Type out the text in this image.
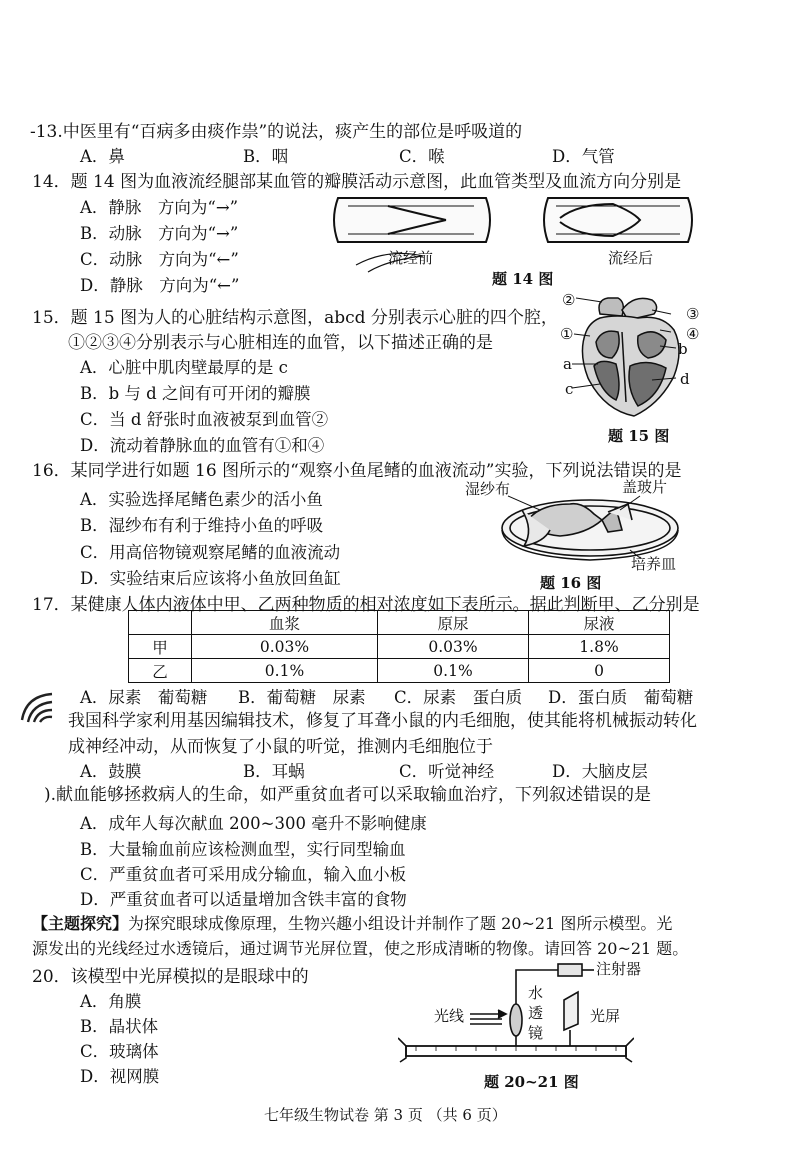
-13.中医里有“百病多由痰作祟”的说法，痰产生的部位是呼吸道的
A．鼻	B．咽	C．喉	D．气管
14．题 14 图为血液流经腿部某血管的瓣膜活动示意图，此血管类型及血流方向分别是
A．静脉　方向为“→”
B．动脉　方向为“→”
C．动脉　方向为“←”
D．静脉　方向为“←”
流经前	流经后
题 14 图
15．题 15 图为人的心脏结构示意图，abcd 分别表示心脏的四个腔，
①②③④分别表示与心脏相连的血管，以下描述正确的是
A．心脏中肌肉壁最厚的是 c
B．b 与 d 之间有可开闭的瓣膜
C．当 d 舒张时血液被泵到血管②
D．流动着静脉血的血管有①和④
②
③
①	④
b
a
d
c
题 15 图
16．某同学进行如题 16 图所示的“观察小鱼尾鳍的血液流动”实验，下列说法错误的是
A．实验选择尾鳍色素少的活小鱼
B．湿纱布有利于维持小鱼的呼吸
C．用高倍物镜观察尾鳍的血液流动
D．实验结束后应该将小鱼放回鱼缸
湿纱布	盖玻片
培养皿
题 16 图
17．某健康人体内液体中甲、乙两种物质的相对浓度如下表所示。据此判断甲、乙分别是
	血浆	原尿	尿液
甲	0.03%	0.03%	1.8%
乙	0.1%	0.1%	0
A．尿素　葡萄糖 B．葡萄糖　尿素 C．尿素　蛋白质 D．蛋白质　葡萄糖
我国科学家利用基因编辑技术，修复了耳聋小鼠的内毛细胞，使其能将机械振动转化
成神经冲动，从而恢复了小鼠的听觉，推测内毛细胞位于
A．鼓膜	B．耳蜗	C．听觉神经	D．大脑皮层
).献血能够拯救病人的生命，如严重贫血者可以采取输血治疗，下列叙述错误的是
A．成年人每次献血 200~300 毫升不影响健康
B．大量输血前应该检测血型，实行同型输血
C．严重贫血者可采用成分输血，输入血小板
D．严重贫血者可以适量增加含铁丰富的食物
【主题探究】为探究眼球成像原理，生物兴趣小组设计并制作了题 20~21 图所示模型。光
源发出的光线经过水透镜后，通过调节光屏位置，使之形成清晰的物像。请回答 20~21 题。
20．该模型中光屏模拟的是眼球中的
A．角膜
B．晶状体
C．玻璃体
D．视网膜
注射器
光线
水
透
镜
光屏
题 20~21 图
七年级生物试卷 第 3 页 （共 6 页）
